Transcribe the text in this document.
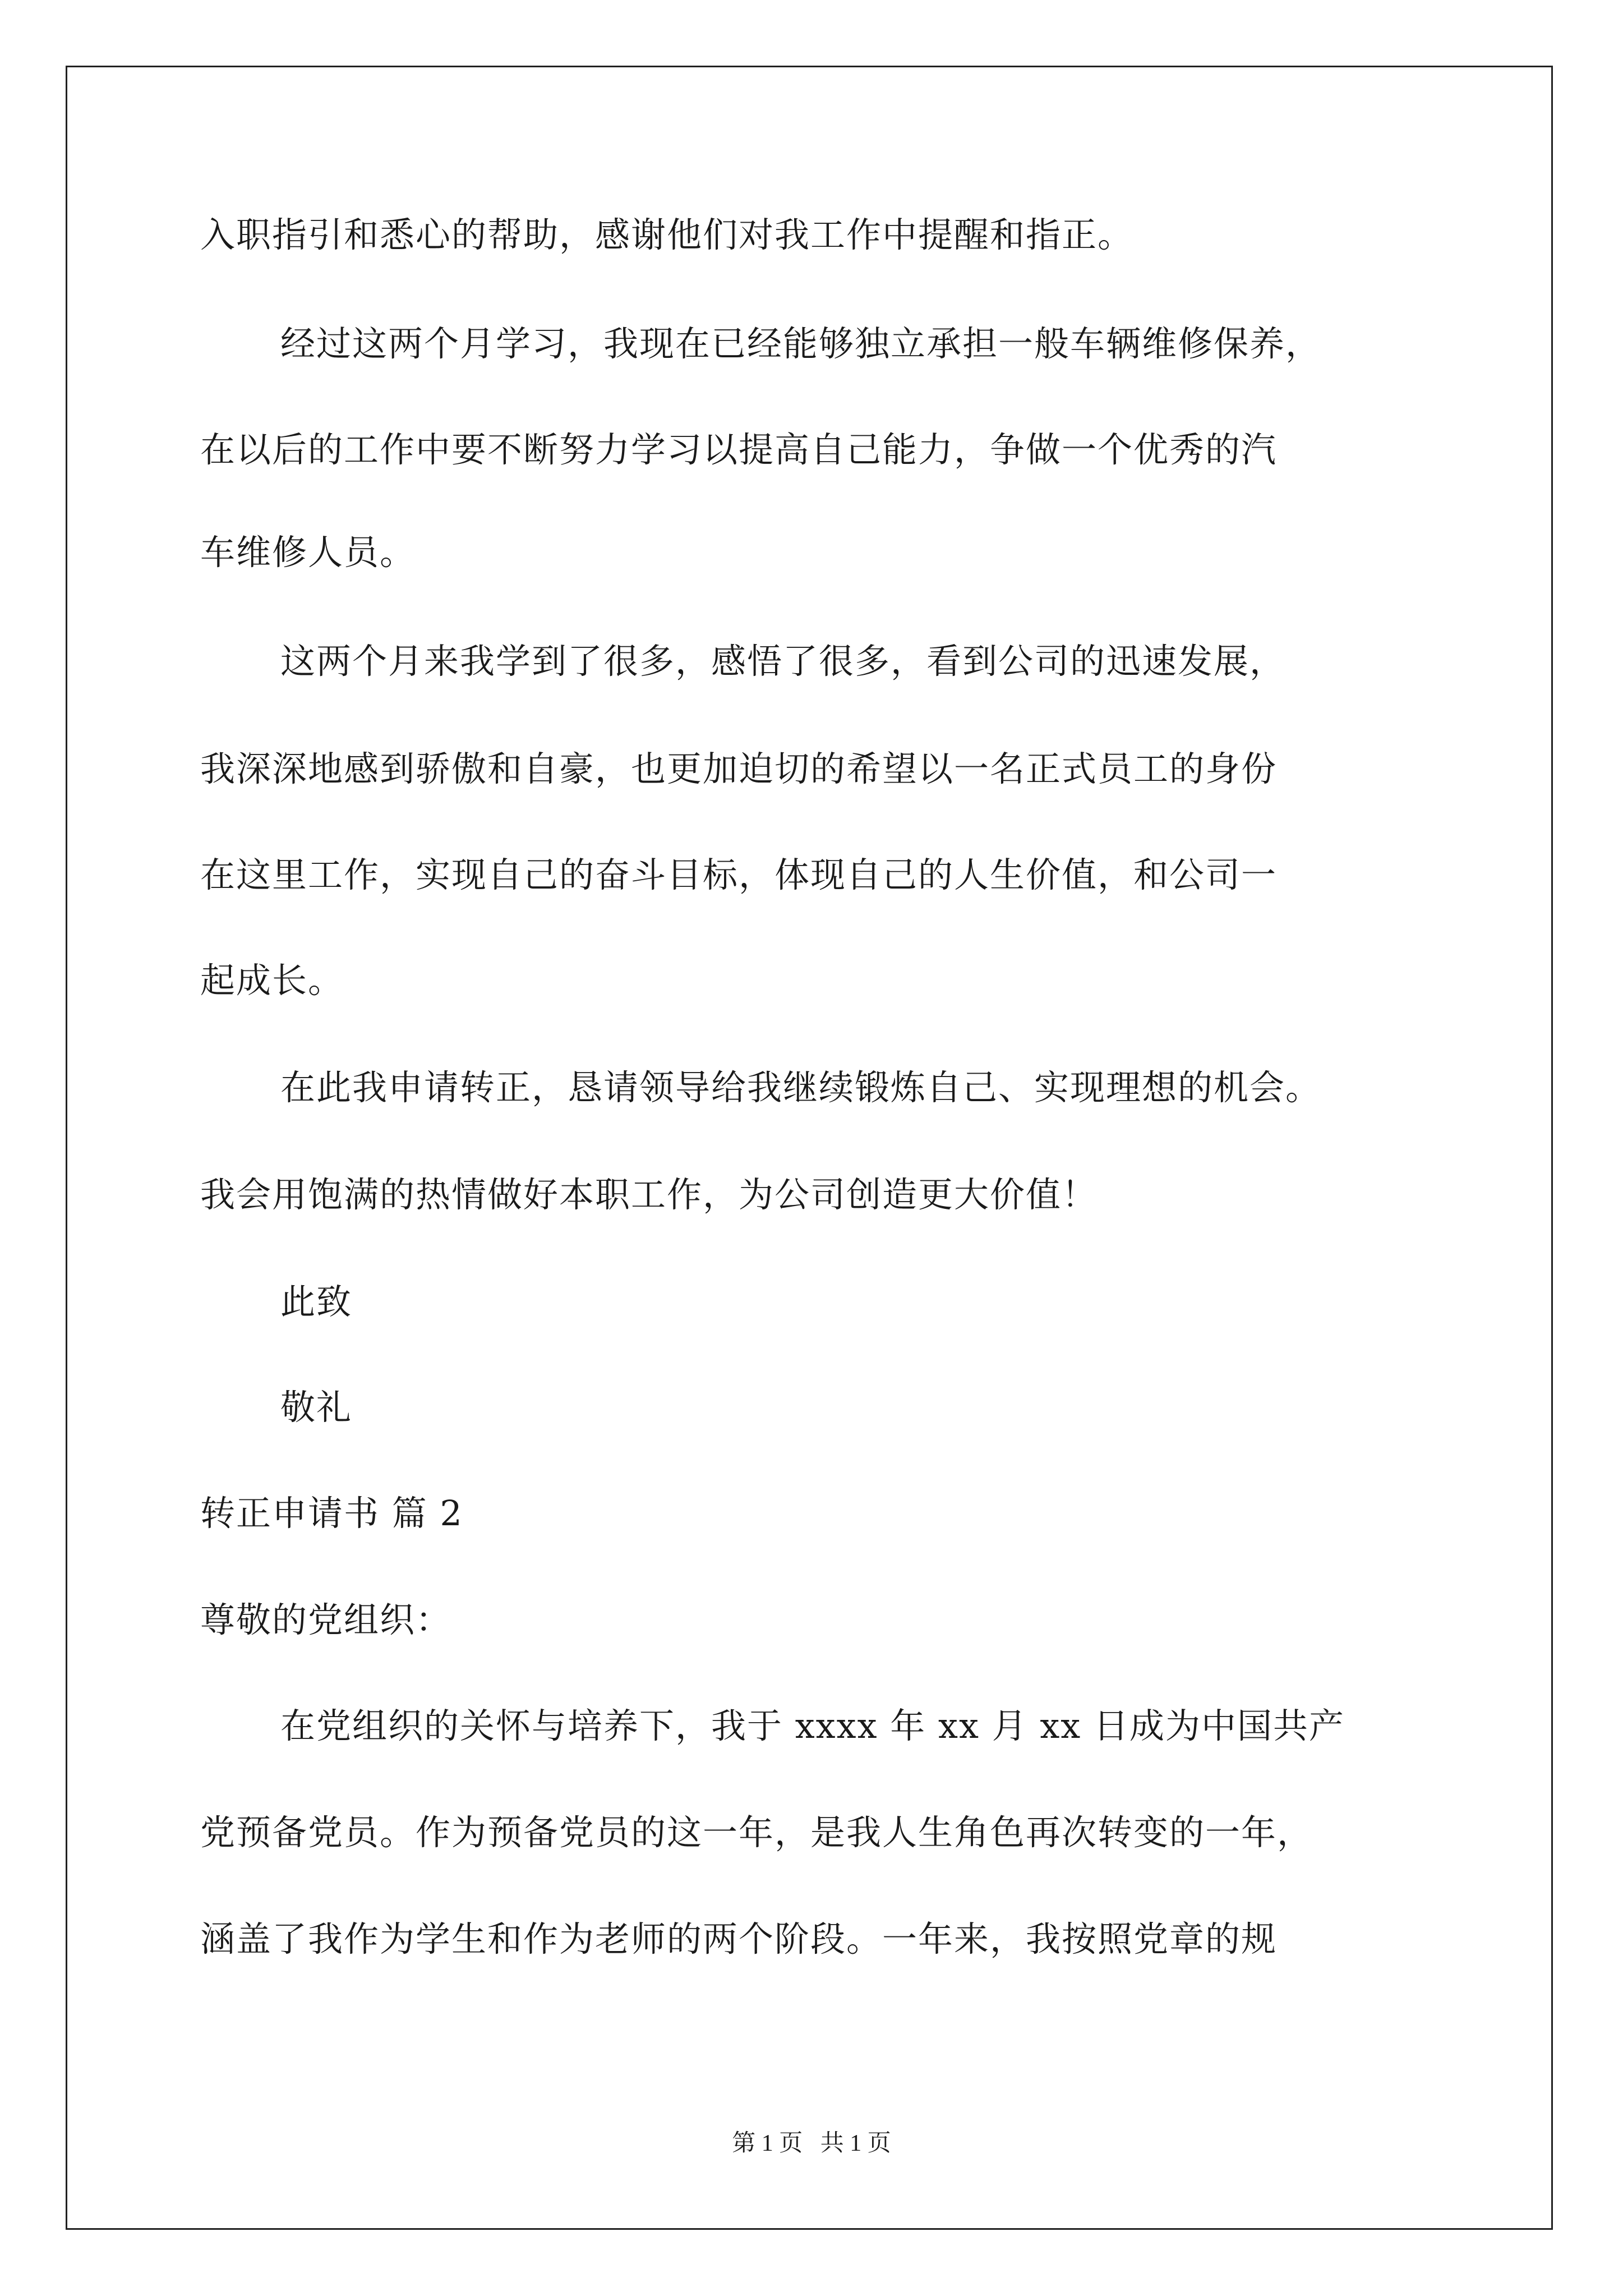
入职指引和悉心的帮助，感谢他们对我工作中提醒和指正。
经过这两个月学习，我现在已经能够独立承担一般车辆维修保养，
在以后的工作中要不断努力学习以提高自己能力，争做一个优秀的汽
车维修人员。
这两个月来我学到了很多，感悟了很多，看到公司的迅速发展，
我深深地感到骄傲和自豪，也更加迫切的希望以一名正式员工的身份
在这里工作，实现自己的奋斗目标，体现自己的人生价值，和公司一
起成长。
在此我申请转正，恳请领导给我继续锻炼自己、实现理想的机会。
我会用饱满的热情做好本职工作，为公司创造更大价值！
此致
敬礼
转正申请书 篇 2
尊敬的党组织：
在党组织的关怀与培养下，我于 xxxx 年 xx 月 xx 日成为中国共产
党预备党员。作为预备党员的这一年，是我人生角色再次转变的一年，
涵盖了我作为学生和作为老师的两个阶段。一年来，我按照党章的规
第 1 页   共 1 页
